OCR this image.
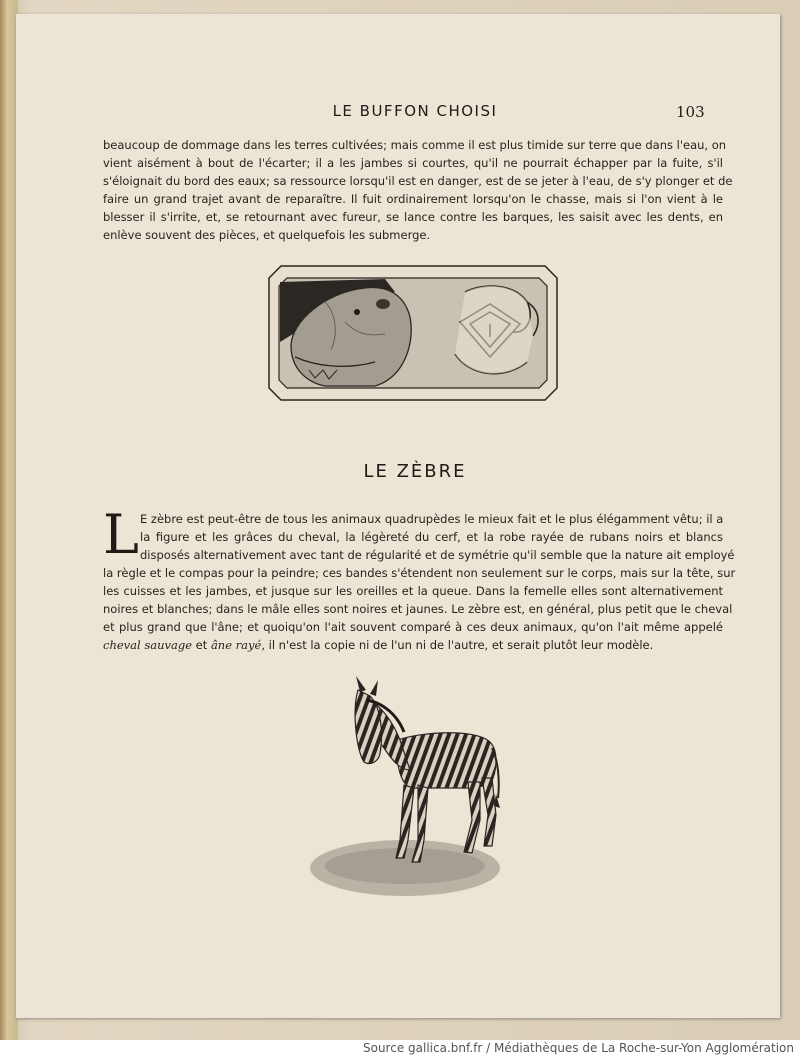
LE BUFFON CHOISI	103

beaucoup de dommage dans les terres cultivées; mais comme il est plus timide sur terre que dans l'eau, on
vient aisément à bout de l'écarter; il a les jambes si courtes, qu'il ne pourrait échapper par la fuite, s'il
s'éloignait du bord des eaux; sa ressource lorsqu'il est en danger, est de se jeter à l'eau, de s'y plonger et de
faire un grand trajet avant de reparaître. Il fuit ordinairement lorsqu'on le chasse, mais si l'on vient à le
blesser il s'irrite, et, se retournant avec fureur, se lance contre les barques, les saisit avec les dents, en
enlève souvent des pièces, et quelquefois les submerge.

LE ZÈBRE
L E zèbre est peut-être de tous les animaux quadrupèdes le mieux fait et le plus élégamment vêtu; il a
la figure et les grâces du cheval, la légèreté du cerf, et la robe rayée de rubans noirs et blancs
disposés alternativement avec tant de régularité et de symétrie qu'il semble que la nature ait employé
la règle et le compas pour la peindre; ces bandes s'étendent non seulement sur le corps, mais sur la tête, sur
les cuisses et les jambes, et jusque sur les oreilles et la queue. Dans la femelle elles sont alternativement
noires et blanches; dans le mâle elles sont noires et jaunes. Le zèbre est, en général, plus petit que le cheval
et plus grand que l'âne; et quoiqu'on l'ait souvent comparé à ces deux animaux, qu'on l'ait même appelé
cheval sauvage et âne rayé, il n'est la copie ni de l'un ni de l'autre, et serait plutôt leur modèle.

Source gallica.bnf.fr / Médiathèques de La Roche-sur-Yon Agglomération
